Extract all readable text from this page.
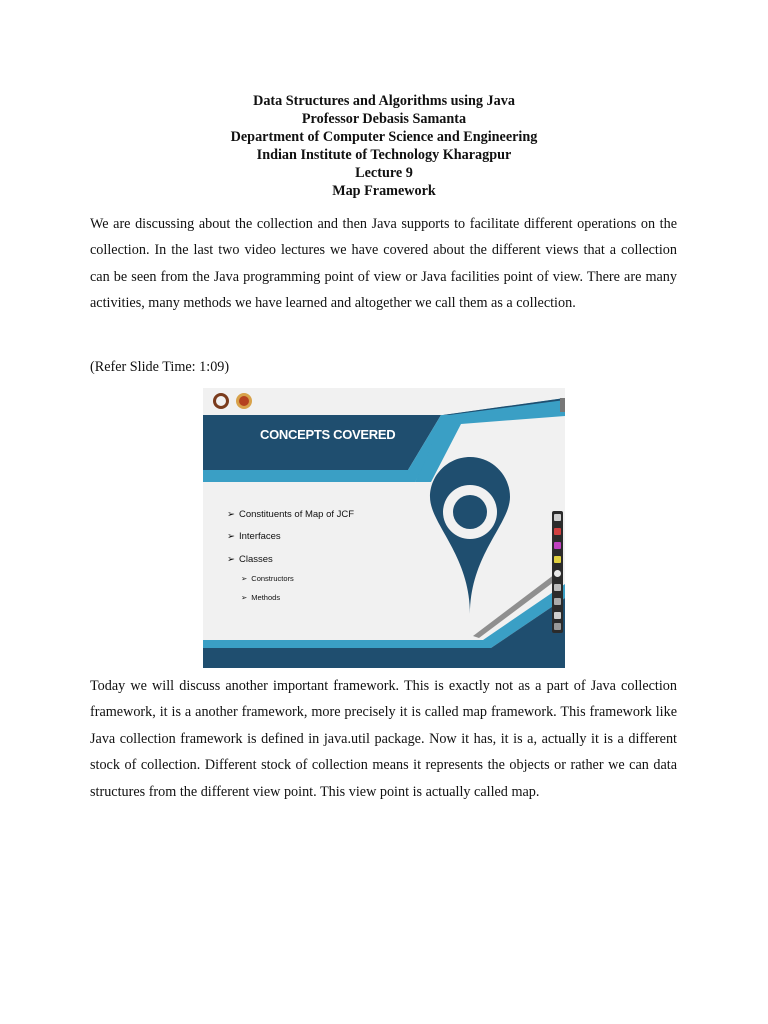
Data Structures and Algorithms using Java
Professor Debasis Samanta
Department of Computer Science and Engineering
Indian Institute of Technology Kharagpur
Lecture 9
Map Framework

We are discussing about the collection and then Java supports to facilitate different operations on the collection. In the last two video lectures we have covered about the different views that a collection can be seen from the Java programming point of view or Java facilities point of view. There are many activities, many methods we have learned and altogether we call them as a collection.

(Refer Slide Time: 1:09)

CONCEPTS COVERED
➢ Constituents of Map of JCF
➢ Interfaces
➢ Classes
➢ Constructors
➢ Methods

Today we will discuss another important framework. This is exactly not as a part of Java collection framework, it is a another framework, more precisely it is called map framework. This framework like Java collection framework is defined in java.util package. Now it has, it is a, actually it is a different stock of collection. Different stock of collection means it represents the objects or rather we can data structures from the different view point. This view point is actually called map.
